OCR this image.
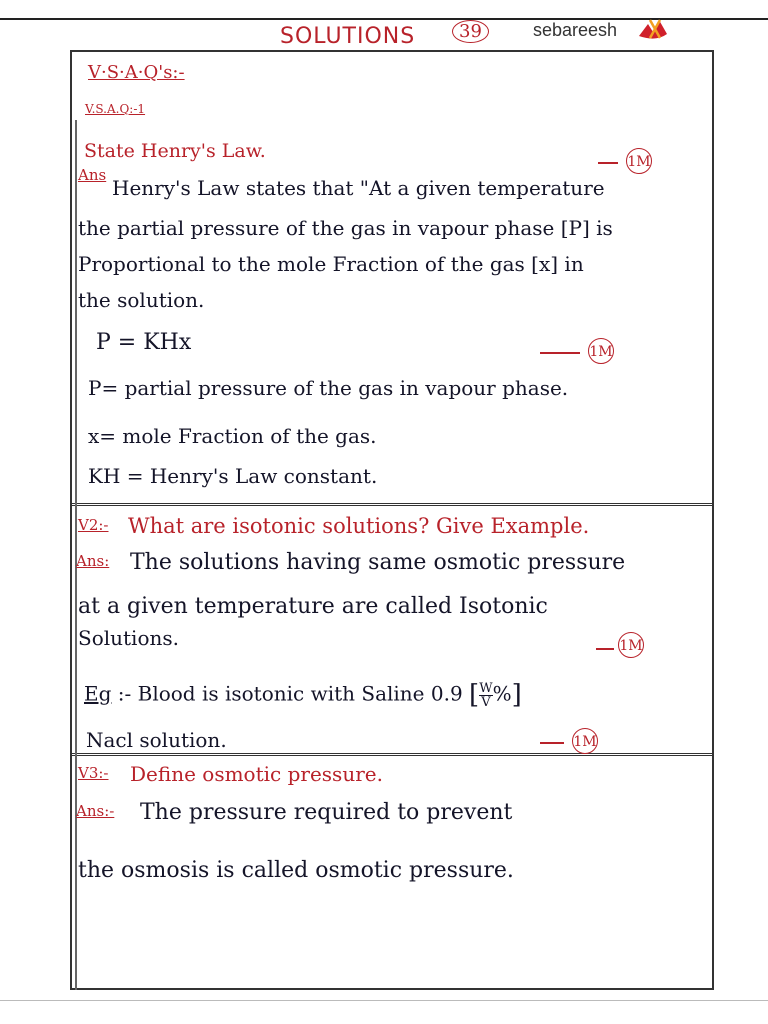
SOLUTIONS	39	sebareesh
V·S·A·Q's:-
V.S.A.Q:-1
State Henry's Law.	1M
Ans
Henry's Law states that "At a given temperature
the partial pressure of the gas in vapour phase [P] is
Proportional to the mole Fraction of the gas [x] in
the solution.
P = KHx	1M
P= partial pressure of the gas in vapour phase.
x= mole Fraction of the gas.
KH = Henry's Law constant.
V2:- What are isotonic solutions? Give Example.
Ans: The solutions having same osmotic pressure
at a given temperature are called Isotonic
Solutions.	1M
Eg :- Blood is isotonic with Saline 0.9 [ $\frac{W}{V}$ %]
Nacl solution.	1M
V3:- Define osmotic pressure.
Ans:- The pressure required to prevent
the osmosis is called osmotic pressure.
